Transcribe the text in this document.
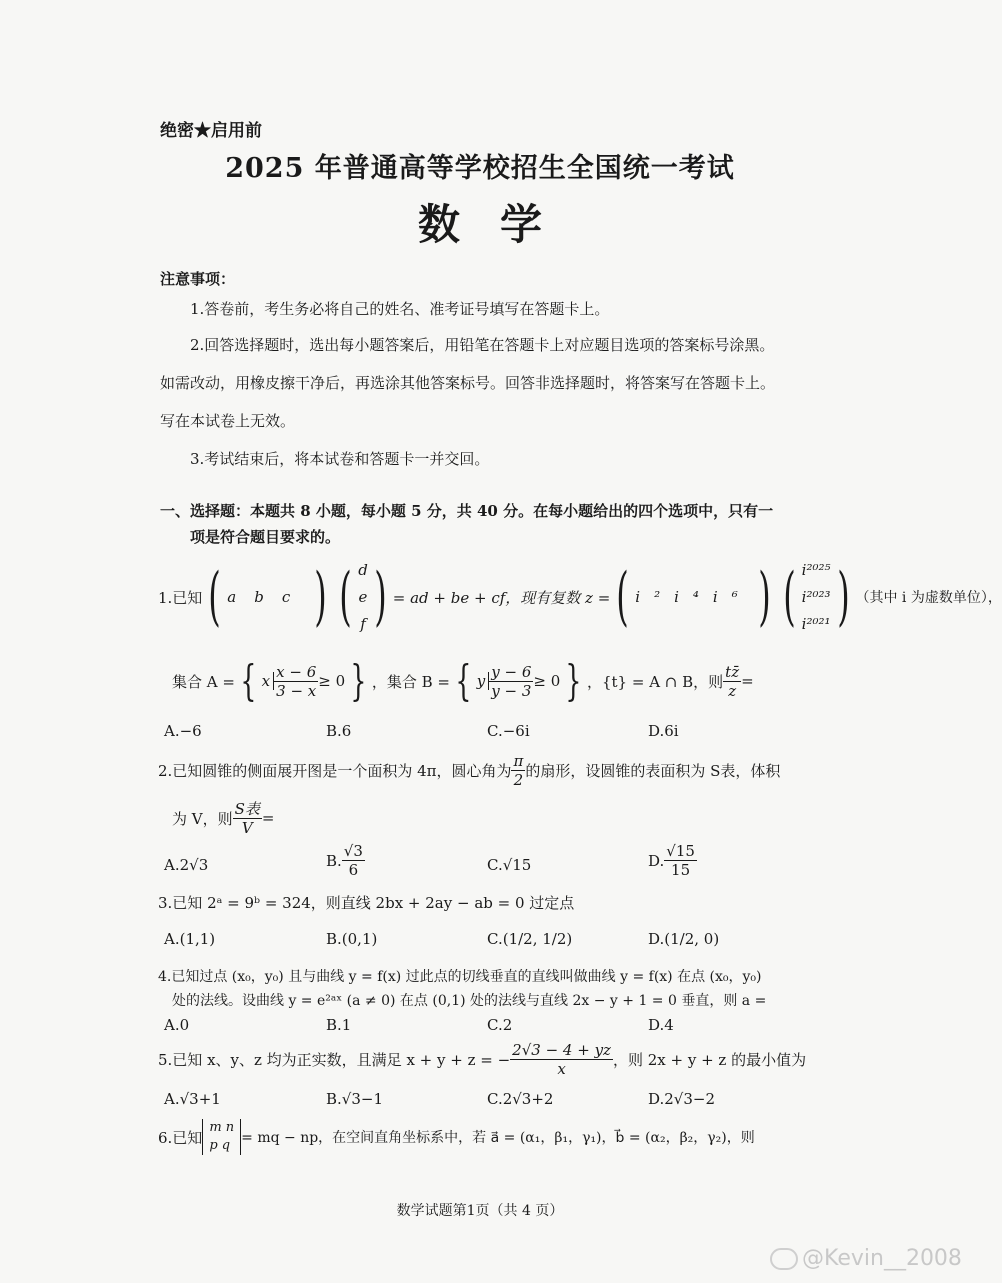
绝密★启用前
2025 年普通高等学校招生全国统一考试
数学
注意事项：
1.答卷前，考生务必将自己的姓名、准考证号填写在答题卡上。
2.回答选择题时，选出每小题答案后，用铅笔在答题卡上对应题目选项的答案标号涂黑。
如需改动，用橡皮擦干净后，再选涂其他答案标号。回答非选择题时，将答案写在答题卡上。
写在本试卷上无效。
3.考试结束后，将本试卷和答题卡一并交回。
一、选择题：本题共 8 小题，每小题 5 分，共 40 分。在每小题给出的四个选项中，只有一
项是符合题目要求的。
1.已知 ( abc ) ( d
e
f ) = ad + be + cf，现有复数 z = ( i²i⁴i⁶ ) ( i²⁰²⁵
i²⁰²³
i²⁰²¹ ) （其中 i 为虚数单位），
集合 A = { x $\frac{x - 6}{3 - x} \ge 0$ } ，集合 B = { y $\frac{y - 6}{y - 3} \ge 0$ } ，{t} = A ∩ B，则 $\frac{tz̄}{z}$ =
A.−6	B.6	C.−6i	D.6i
2.已知圆锥的侧面展开图是一个面积为 4π，圆心角为 $\frac{\pi}{2}$ 的扇形，设圆锥的表面积为 S表，体积
为 V，则 $\frac{\text{S表}}{V}$ =
A.2√3	B. $\frac{√3}{6}$	C.√15	D. $\frac{√15}{15}$
3.已知 2ᵃ = 9ᵇ = 324，则直线 2bx + 2ay − ab = 0 过定点
A.(1,1)	B.(0,1)	C.(1/2, 1/2)	D.(1/2, 0)
4.已知过点 (x₀，y₀) 且与曲线 y = f(x) 过此点的切线垂直的直线叫做曲线 y = f(x) 在点 (x₀，y₀)
处的法线。设曲线 y = e²ᵃˣ (a ≠ 0) 在点 (0,1) 处的法线与直线 2x − y + 1 = 0 垂直，则 a =
A.0	B.1	C.2	D.4
5.已知 x、y、z 均为正实数，且满足 x + y + z = − $\frac{2√3 - 4 + yz}{x}$ ，则 2x + y + z 的最小值为
A.√3+1	B.√3−1	C.2√3+2	D.2√3−2
6.已知
m n
p q = mq − np，在空间直角坐标系中，若 a⃗ = (α₁，β₁，γ₁)，b⃗ = (α₂，β₂，γ₂)，则
数学试题第1页（共 4 页）
@Kevin__2008
